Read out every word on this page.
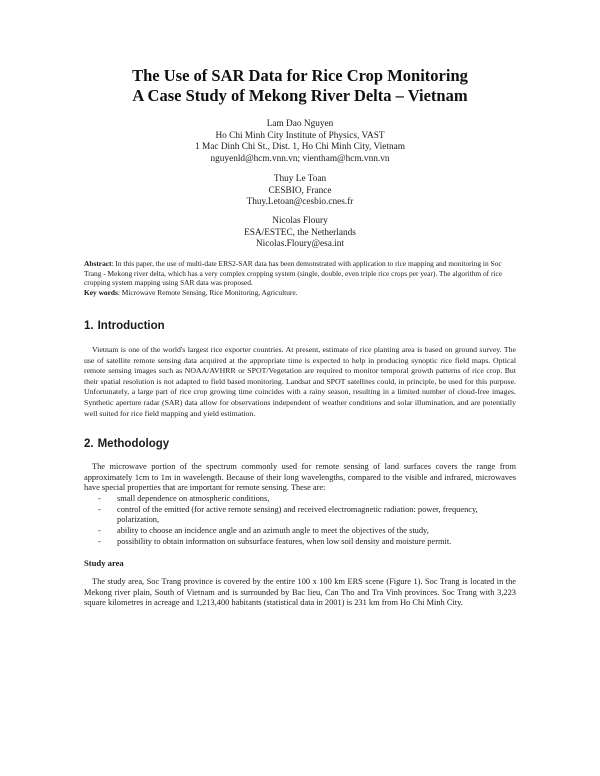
The Use of SAR Data for Rice Crop Monitoring
A Case Study of Mekong River Delta – Vietnam
Lam Dao Nguyen
Ho Chi Minh City Institute of Physics, VAST
1 Mac Dinh Chi St., Dist. 1, Ho Chi Minh City, Vietnam
nguyenld@hcm.vnn.vn; vientham@hcm.vnn.vn
Thuy Le Toan
CESBIO, France
Thuy.Letoan@cesbio.cnes.fr
Nicolas Floury
ESA/ESTEC, the Netherlands
Nicolas.Floury@esa.int
Abstract: In this paper, the use of multi-date ERS2-SAR data has been demonstrated with application to rice mapping and monitoring in Soc Trang - Mekong river delta, which has a very complex cropping system (single, double, even triple rice crops per year). The algorithm of rice cropping system mapping using SAR data was proposed.
Key words: Microwave Remote Sensing, Rice Monitoring, Agriculture.
1. Introduction
Vietnam is one of the world's largest rice exporter countries. At present, estimate of rice planting area is based on ground survey. The use of satellite remote sensing data acquired at the appropriate time is expected to help in producing synoptic rice field maps. Optical remote sensing images such as NOAA/AVHRR or SPOT/Vegetation are required to monitor temporal growth patterns of rice crop. But their spatial resolution is not adapted to field based monitoring. Landsat and SPOT satellites could, in principle, be used for this purpose. Unfortunately, a large part of rice crop growing time coincides with a rainy season, resulting in a limited number of cloud-free images. Synthetic aperture radar (SAR) data allow for observations independent of weather conditions and solar illumination, and are potentially well suited for rice field mapping and yield estimation.
2. Methodology
The microwave portion of the spectrum commonly used for remote sensing of land surfaces covers the range from approximately 1cm to 1m in wavelength. Because of their long wavelengths, compared to the visible and infrared, microwaves have special properties that are important for remote sensing. These are:
- small dependence on atmospheric conditions,
- control of the emitted (for active remote sensing) and received electromagnetic radiation: power, frequency, polarization,
- ability to choose an incidence angle and an azimuth angle to meet the objectives of the study,
- possibility to obtain information on subsurface features, when low soil density and moisture permit.
Study area
The study area, Soc Trang province is covered by the entire 100 x 100 km ERS scene (Figure 1). Soc Trang is located in the Mekong river plain, South of Vietnam and is surrounded by Bac lieu, Can Tho and Tra Vinh provinces. Soc Trang with 3,223 square kilometres in acreage and 1,213,400 habitants (statistical data in 2001) is 231 km from Ho Chi Minh City.
